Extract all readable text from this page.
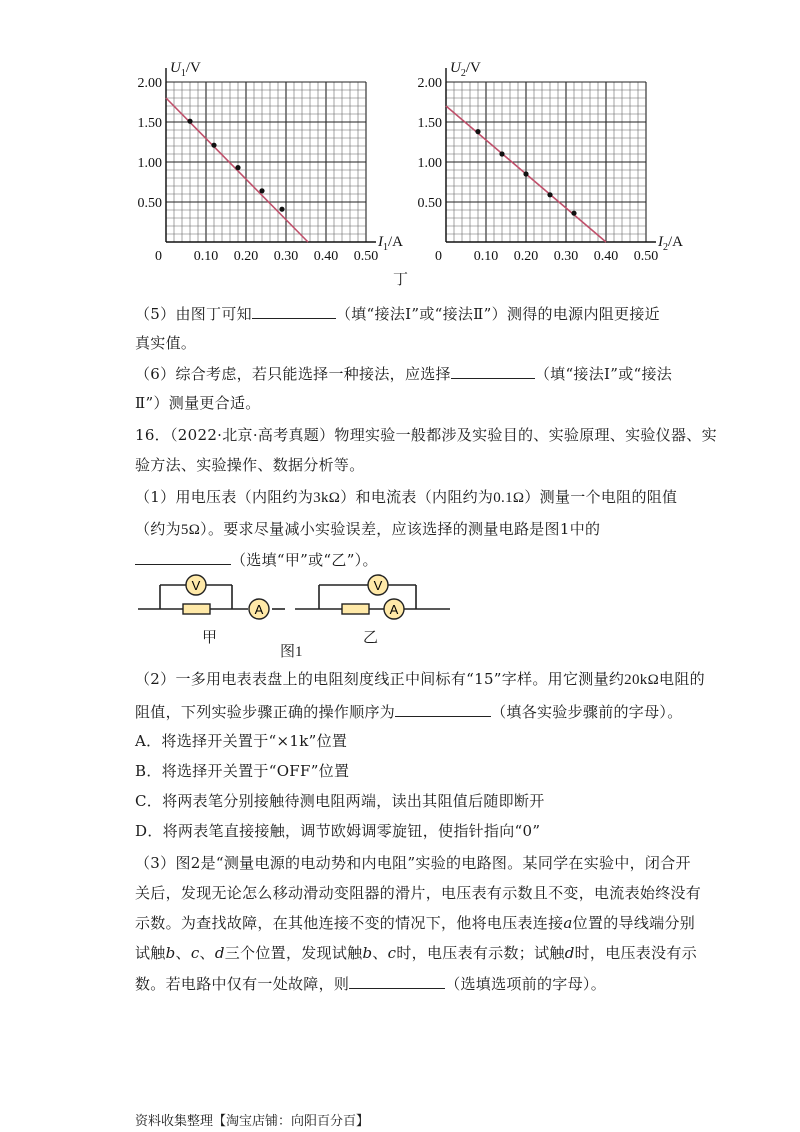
2.00
1.50
1.00
0.50
0.10 0.20 0.30 0.40 0.50
0
$U_1/V$
$I_1/A$
2.00
1.50
1.00
0.50
0.10 0.20 0.30 0.40 0.50
0
$U_2/V$
$I_2/A$
丁
（5）由图丁可知	（填“接法Ⅰ”或“接法Ⅱ”）测得的电源内阻更接近
真实值。
（6）综合考虑，若只能选择一种接法，应选择	（填“接法Ⅰ”或“接法
Ⅱ”）测量更合适。
16．（2022·北京·高考真题）物理实验一般都涉及实验目的、实验原理、实验仪器、实
验方法、实验操作、数据分析等。
（1）用电压表（内阻约为3kΩ）和电流表（内阻约为0.1Ω）测量一个电阻的阻值
（约为5Ω）。要求尽量减小实验误差，应该选择的测量电路是图1中的
（选填“甲”或“乙”）。
V
A	A
V
甲	乙
图1
（2）一多用电表表盘上的电阻刻度线正中间标有“15”字样。用它测量约20kΩ电阻的
阻值，下列实验步骤正确的操作顺序为	（填各实验步骤前的字母）。
A．将选择开关置于“×1k”位置
B．将选择开关置于“OFF”位置
C．将两表笔分别接触待测电阻两端，读出其阻值后随即断开
D．将两表笔直接接触，调节欧姆调零旋钮，使指针指向“0”
（3）图2是“测量电源的电动势和内电阻”实验的电路图。某同学在实验中，闭合开
关后，发现无论怎么移动滑动变阻器的滑片，电压表有示数且不变，电流表始终没有
示数。为查找故障，在其他连接不变的情况下，他将电压表连接a位置的导线端分别
试触b、c、d三个位置，发现试触b、c时，电压表有示数；试触d时，电压表没有示
数。若电路中仅有一处故障，则	（选填选项前的字母）。
资料收集整理【淘宝店铺：向阳百分百】
